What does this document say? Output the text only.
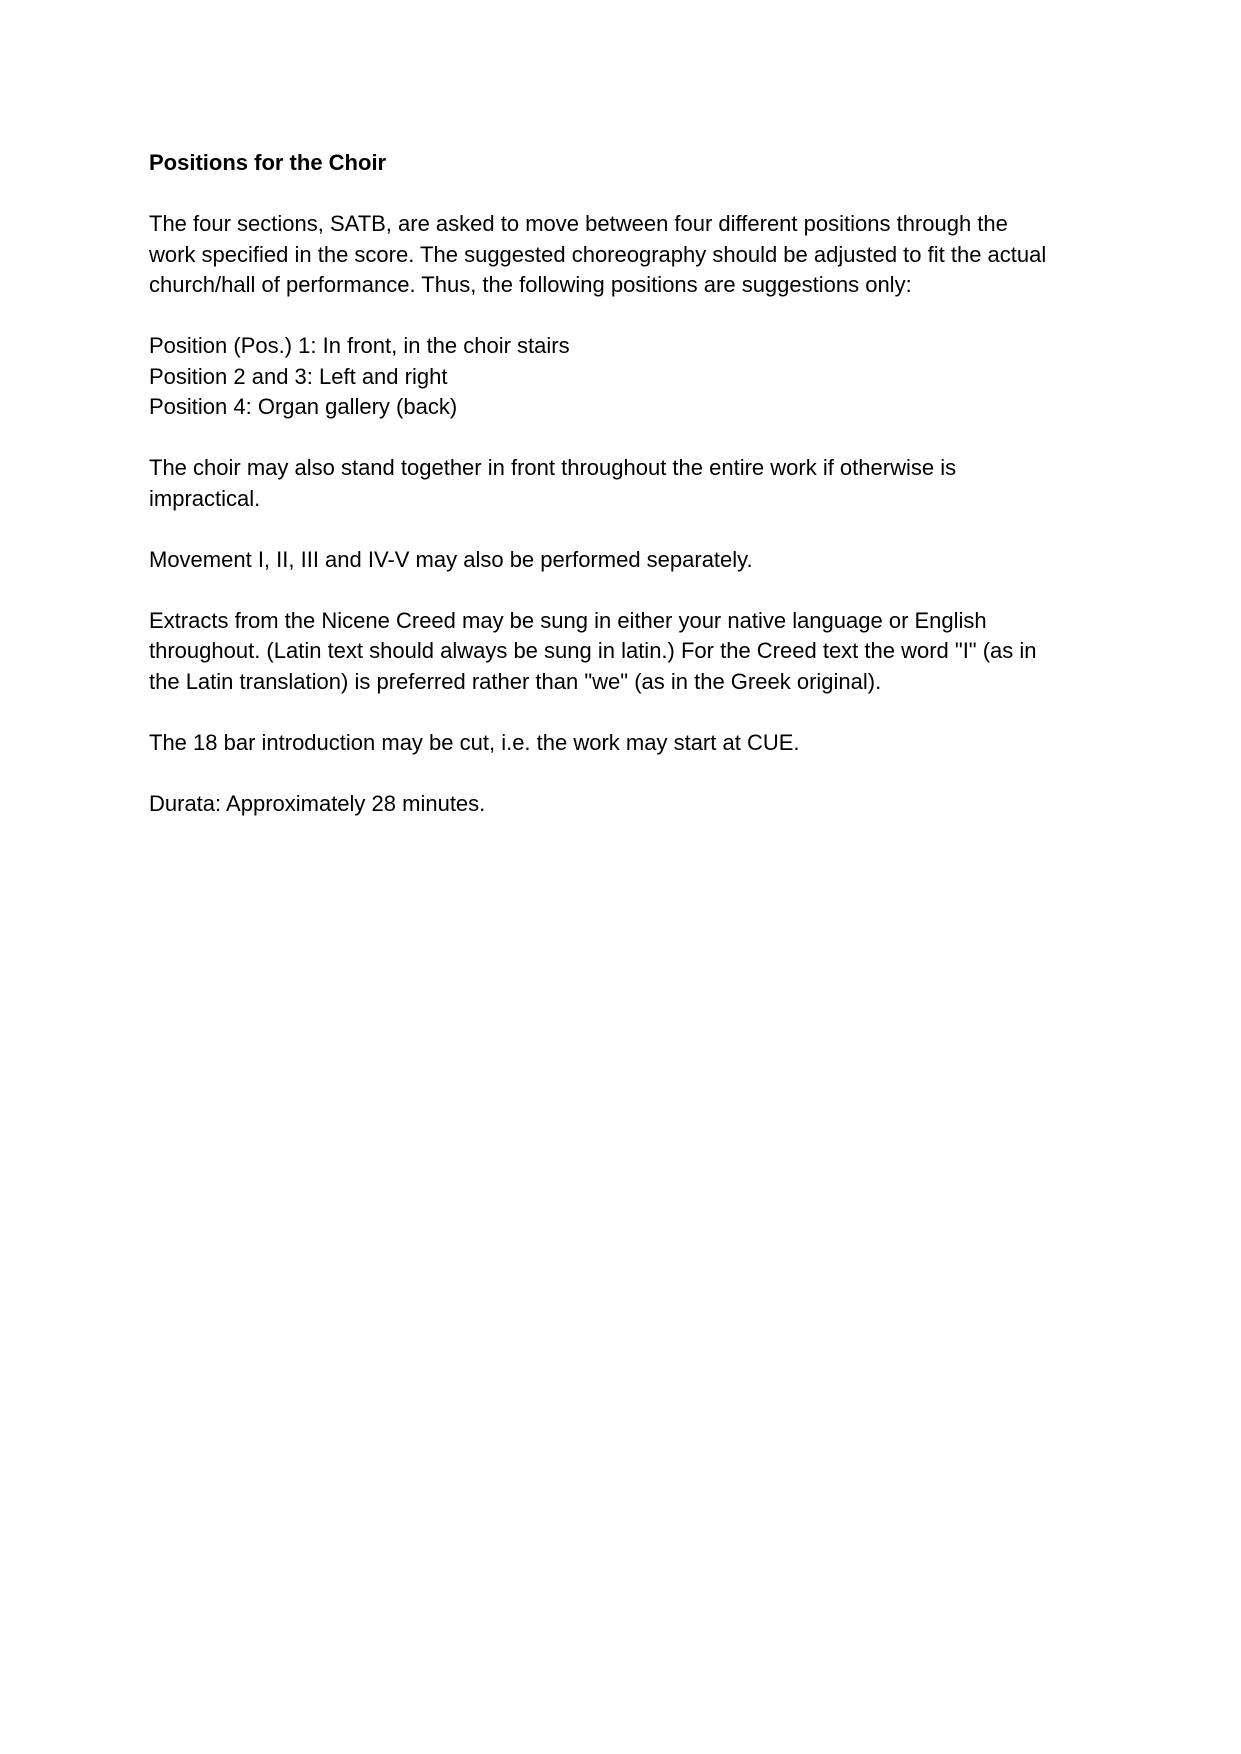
Positions for the Choir
The four sections, SATB, are asked to move between four different positions through the
work specified in the score. The suggested choreography should be adjusted to fit the actual
church/hall of performance. Thus, the following positions are suggestions only:
Position (Pos.) 1: In front, in the choir stairs
Position 2 and 3: Left and right
Position 4: Organ gallery (back)
The choir may also stand together in front throughout the entire work if otherwise is
impractical.
Movement I, II, III and IV-V may also be performed separately.
Extracts from the Nicene Creed may be sung in either your native language or English
throughout. (Latin text should always be sung in latin.) For the Creed text the word "I" (as in
the Latin translation) is preferred rather than "we" (as in the Greek original).
The 18 bar introduction may be cut, i.e. the work may start at CUE.
Durata: Approximately 28 minutes.
